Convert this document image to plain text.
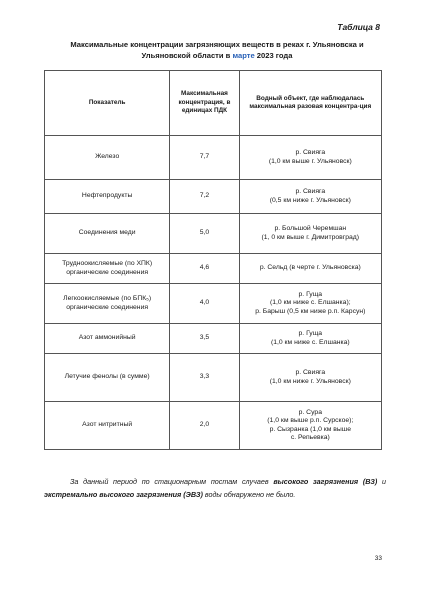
Таблица 8
Максимальные концентрации загрязняющих веществ в реках г. Ульяновска и Ульяновской области в марте 2023 года
Показатель	Максимальная концентрация, в единицах ПДК	Водный объект, где наблюдалась максимальная разовая концентра-ция
Железо	7,7	р. Свияга
(1,0 км выше г. Ульяновск)
Нефтепродукты	7,2	р. Свияга
(0,5 км ниже г. Ульяновск)
Соединения меди	5,0	р. Большой Черемшан
(1, 0 км выше г. Димитровград)
Трудноокисляемые (по ХПК)
органические соединения	4,6	р. Сельд (в черте г. Ульяновска)
Легкоокисляемые (по БПК₅)
органические соединения	4,0	р. Гуща
(1,0 км ниже с. Елшанка);
р. Барыш (0,5 км ниже р.п. Карсун)
Азот аммонийный	3,5	р. Гуща
(1,0 км ниже с. Елшанка)
Летучие фенолы (в сумме)	3,3	р. Свияга
(1,0 км ниже г. Ульяновск)
Азот нитритный	2,0	р. Сура
(1,0 км выше р.п. Сурское);
р. Сызранка (1,0 км выше
с. Репьевка)
За данный период по стационарным постам случаев высокого загрязнения (ВЗ) и экстремально высокого загрязнения (ЭВЗ) воды обнаружено не было.
33
